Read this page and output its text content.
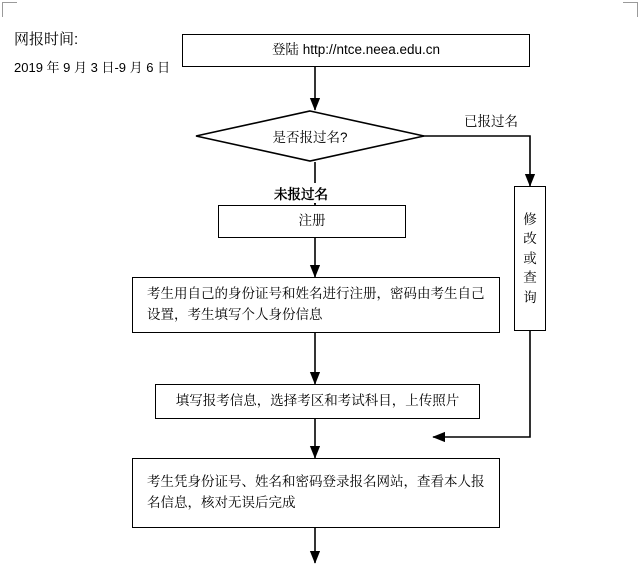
网报时间:
2019 年 9 月 3 日-9 月 6 日
登陆 http://ntce.neea.edu.cn
是否报过名?
已报过名
未报过名
注册
考生用自己的身份证号和姓名进行注册，密码由考生自己设置，考生填写个人身份信息
填写报考信息，选择考区和考试科目，上传照片
考生凭身份证号、姓名和密码登录报名网站，查看本人报名信息，核对无误后完成
修
改
或
查
询
